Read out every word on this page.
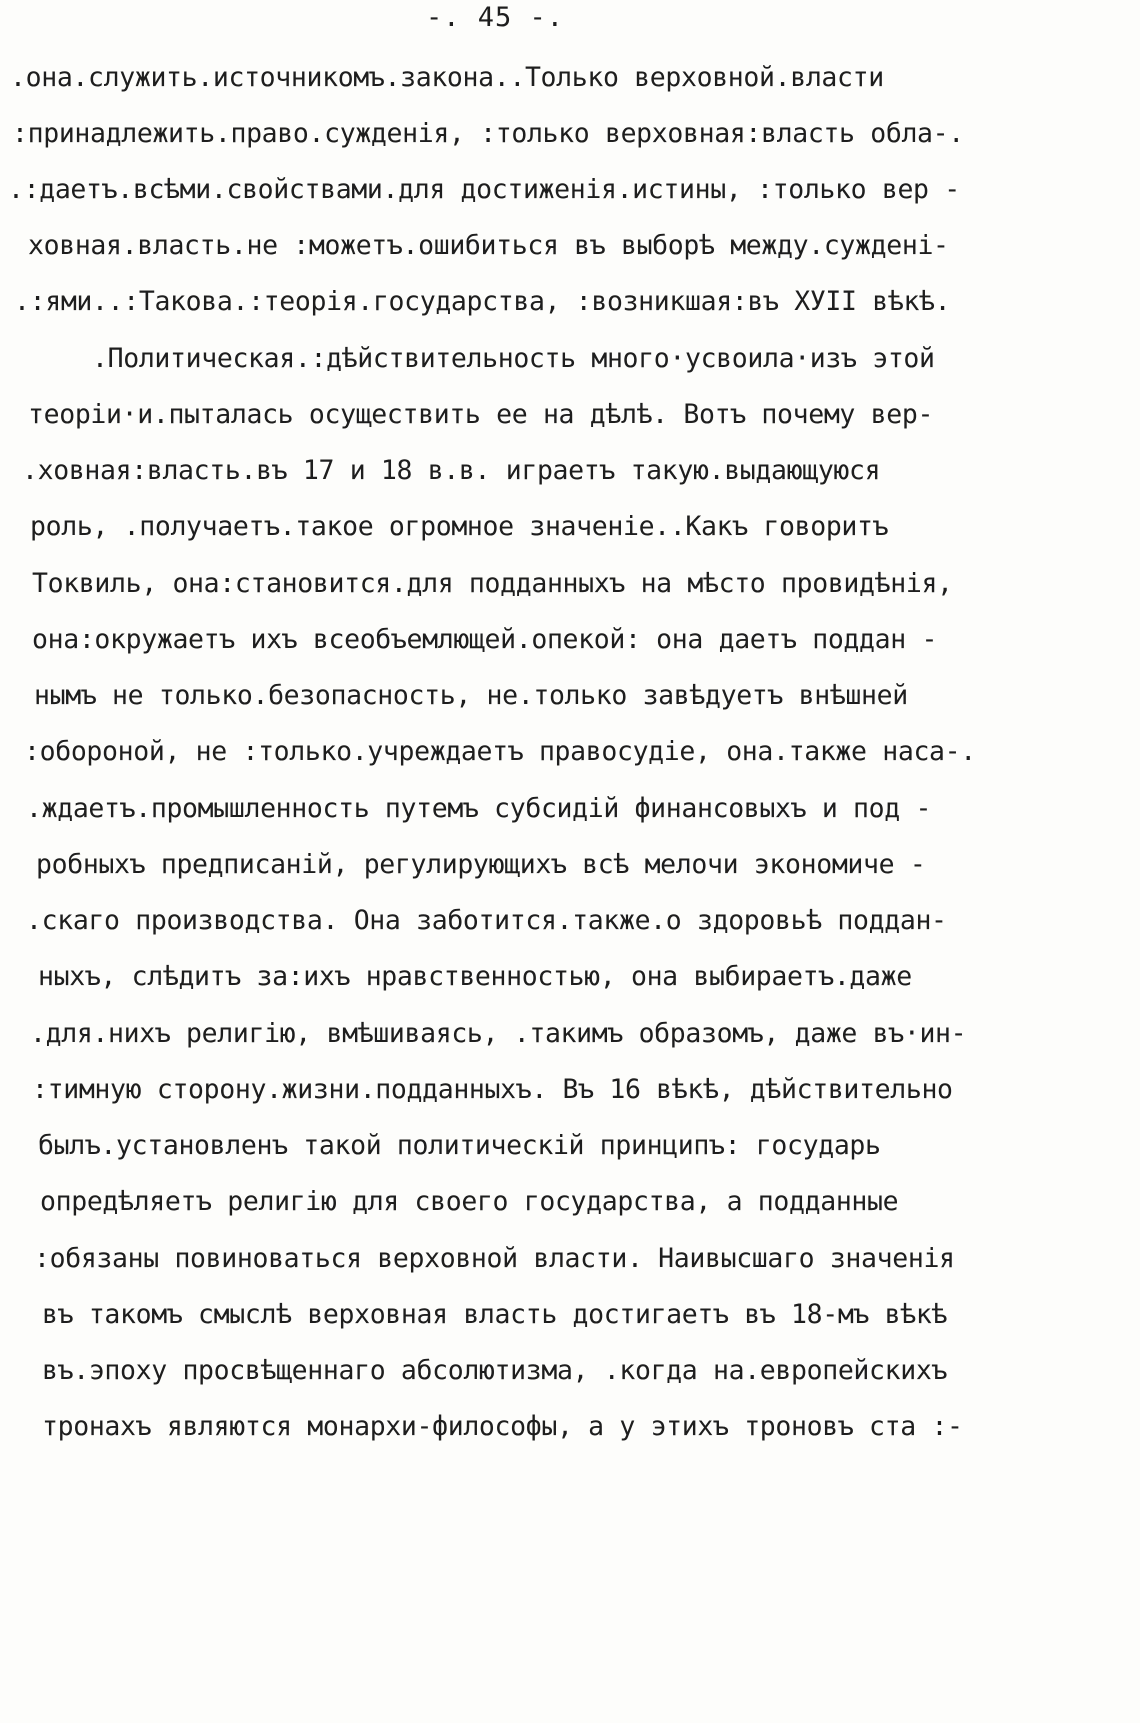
-. 45 -.
.она.служить.источникомъ.закона..Только верховной.власти
:принадлежить.право.сужденія, :только верховная:власть обла-.
.:даетъ.всѣми.свойствами.для достиженія.истины, :только вер -
ховная.власть.не :можетъ.ошибиться въ выборѣ между.суждені-
.:ями..:Такова.:теорія.государства, :возникшая:въ ХУII вѣкѣ.
.Политическая.:дѣйствительность много·усвоила·изъ этой
теоріи·и.пыталась осуществить ее на дѣлѣ. Вотъ почему вер-
.ховная:власть.въ 17 и 18 в.в. играетъ такую.выдающуюся
роль, .получаетъ.такое огромное значеніе..Какъ говоритъ
Токвиль, она:становится.для подданныхъ на мѣсто провидѣнія,
она:окружаетъ ихъ всеобъемлющей.опекой: она даетъ поддан -
нымъ не только.безопасность, не.только завѣдуетъ внѣшней
:обороной, не :только.учреждаетъ правосудіе, она.также наса-.
.ждаетъ.промышленность путемъ субсидій финансовыхъ и под -
робныхъ предписаній, регулирующихъ всѣ мелочи экономиче -
.скаго производства. Она заботится.также.о здоровьѣ поддан-
ныхъ, слѣдитъ за:ихъ нравственностью, она выбираетъ.даже
.для.нихъ религію, вмѣшиваясь, .такимъ образомъ, даже въ·ин-
:тимную сторону.жизни.подданныхъ. Въ 16 вѣкѣ, дѣйствительно
былъ.установленъ такой политическій принципъ: государь
опредѣляетъ религію для своего государства, а подданные
:обязаны повиноваться верховной власти. Наивысшаго значенія
въ такомъ смыслѣ верховная власть достигаетъ въ 18-мъ вѣкѣ
въ.эпоху просвѣщеннаго абсолютизма, .когда на.европейскихъ
тронахъ являются монархи-философы, а у этихъ троновъ ста :-
